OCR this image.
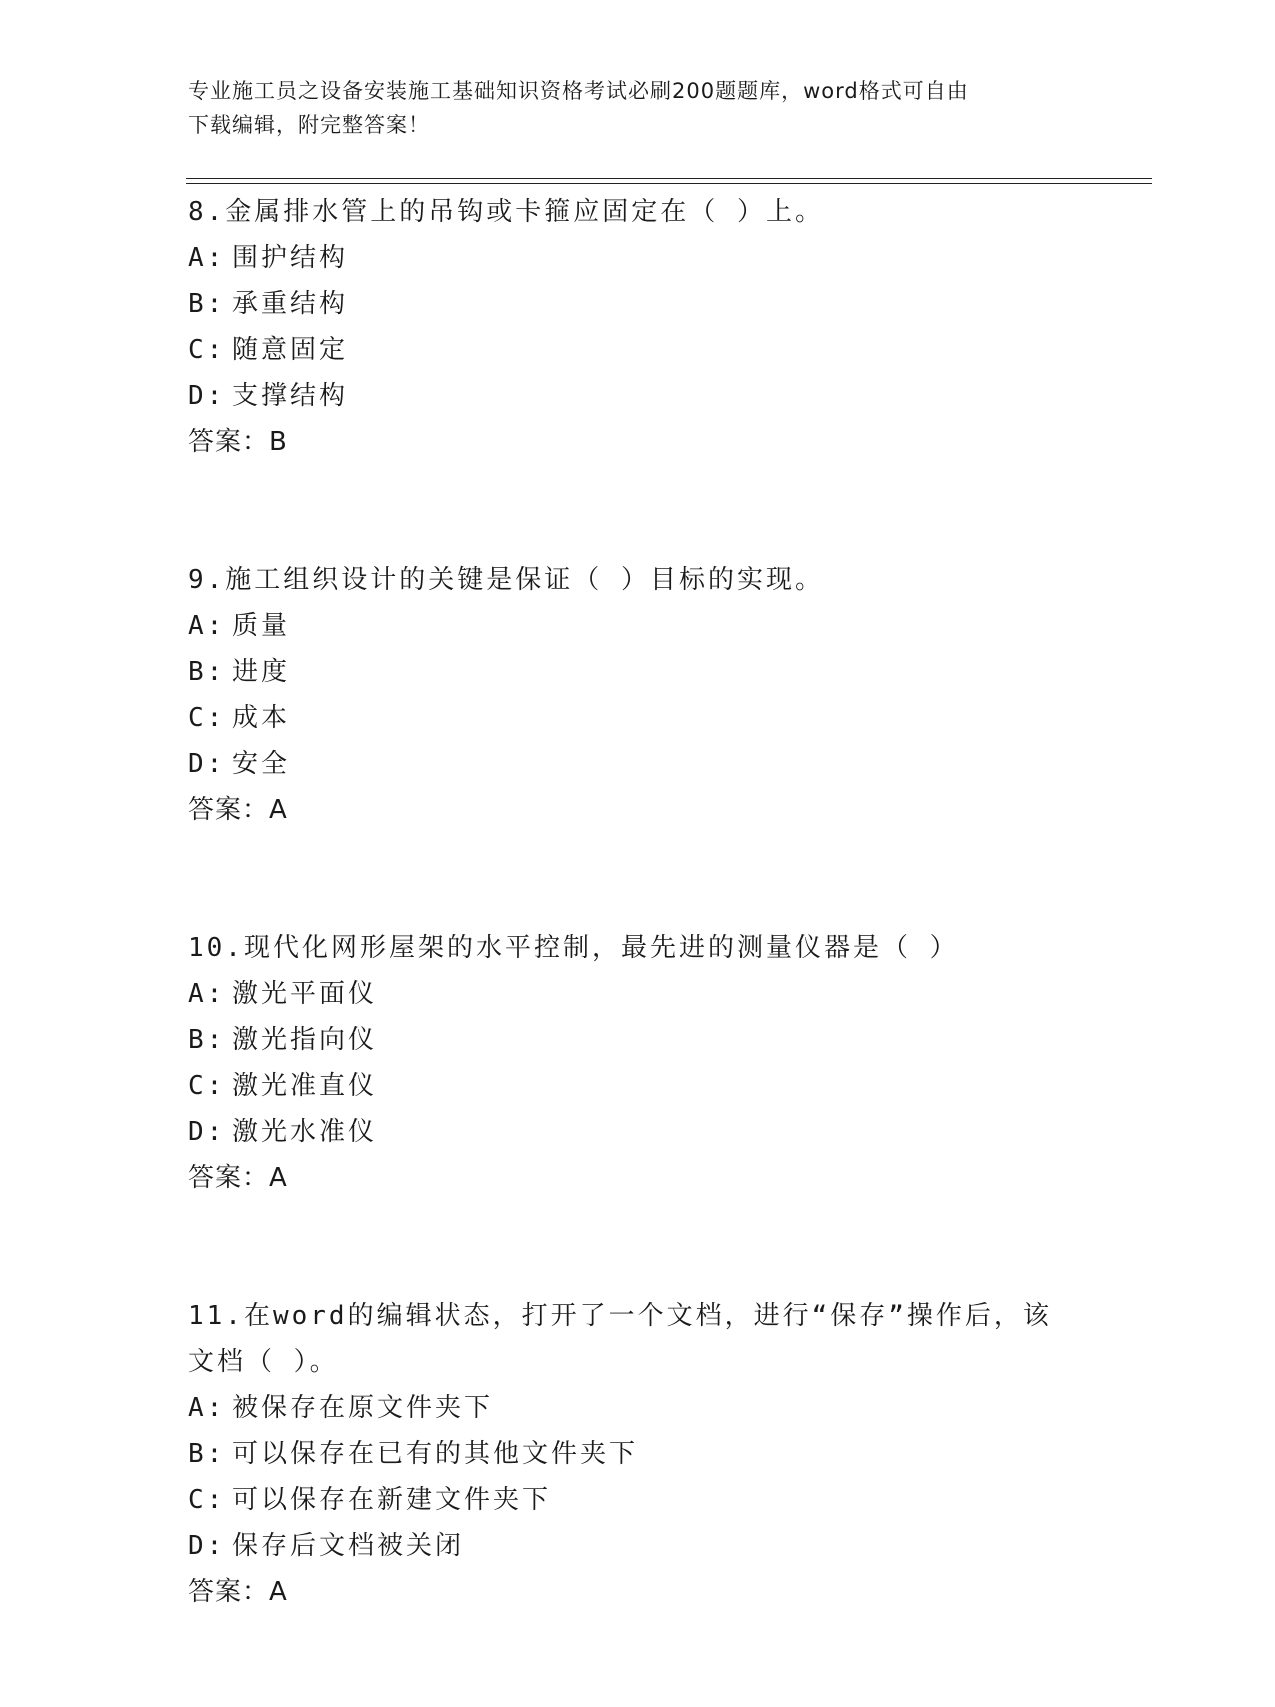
专业施工员之设备安装施工基础知识资格考试必刷200题题库，word格式可自由
下载编辑，附完整答案！

8.金属排水管上的吊钩或卡箍应固定在（ ）上。

A: 围护结构

B: 承重结构

C: 随意固定

D: 支撑结构

答案：B

9.施工组织设计的关键是保证（ ）目标的实现。

A: 质量

B: 进度

C: 成本

D: 安全

答案：A

10.现代化网形屋架的水平控制，最先进的测量仪器是（ ）

A: 激光平面仪

B: 激光指向仪

C: 激光准直仪

D: 激光水准仪

答案：A

11.在word的编辑状态，打开了一个文档，进行“保存”操作后，该

文档（ ）。

A: 被保存在原文件夹下

B: 可以保存在已有的其他文件夹下

C: 可以保存在新建文件夹下

D: 保存后文档被关闭

答案：A
